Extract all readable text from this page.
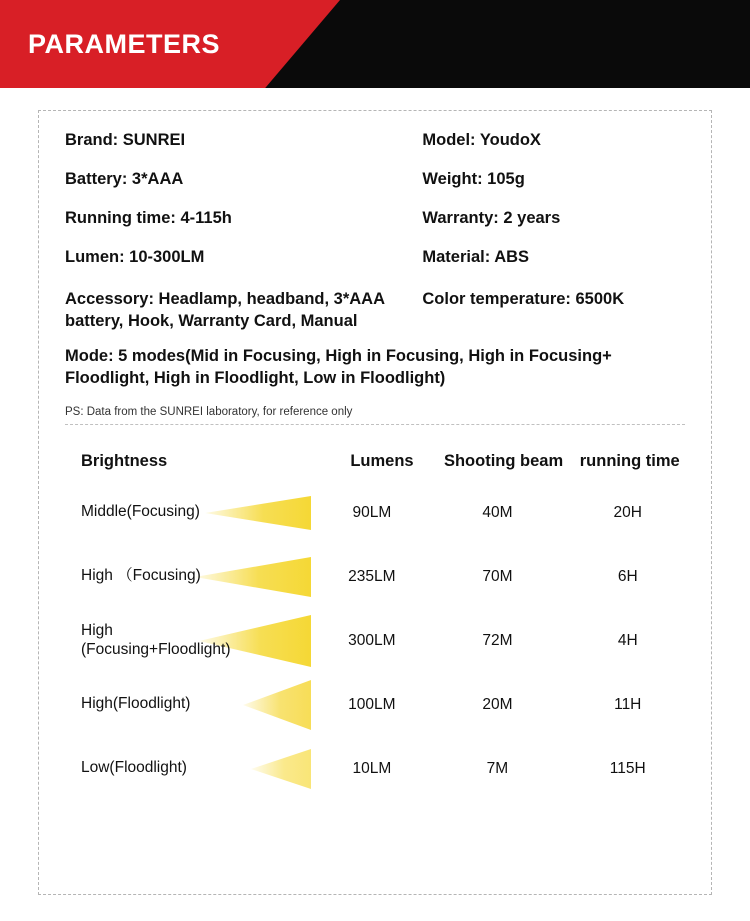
PARAMETERS
Brand: SUNREI
Battery: 3*AAA
Running time: 4-115h
Lumen: 10-300LM
Accessory: Headlamp, headband, 3*AAA battery, Hook, Warranty Card, Manual
Model: YoudoX
Weight: 105g
Warranty: 2 years
Material: ABS
Color temperature: 6500K
Mode: 5 modes(Mid in Focusing, High in Focusing, High in Focusing+ Floodlight, High in Floodlight, Low in Floodlight)
PS: Data from the SUNREI laboratory, for reference only
Brightness	Lumens	Shooting beam	running time
Middle(Focusing)	90LM	40M	20H
High （Focusing)	235LM	70M	6H
High
(Focusing+Floodlight)
300LM	72M	4H
High(Floodlight)	100LM	20M	11H
Low(Floodlight)	10LM	7M	115H
